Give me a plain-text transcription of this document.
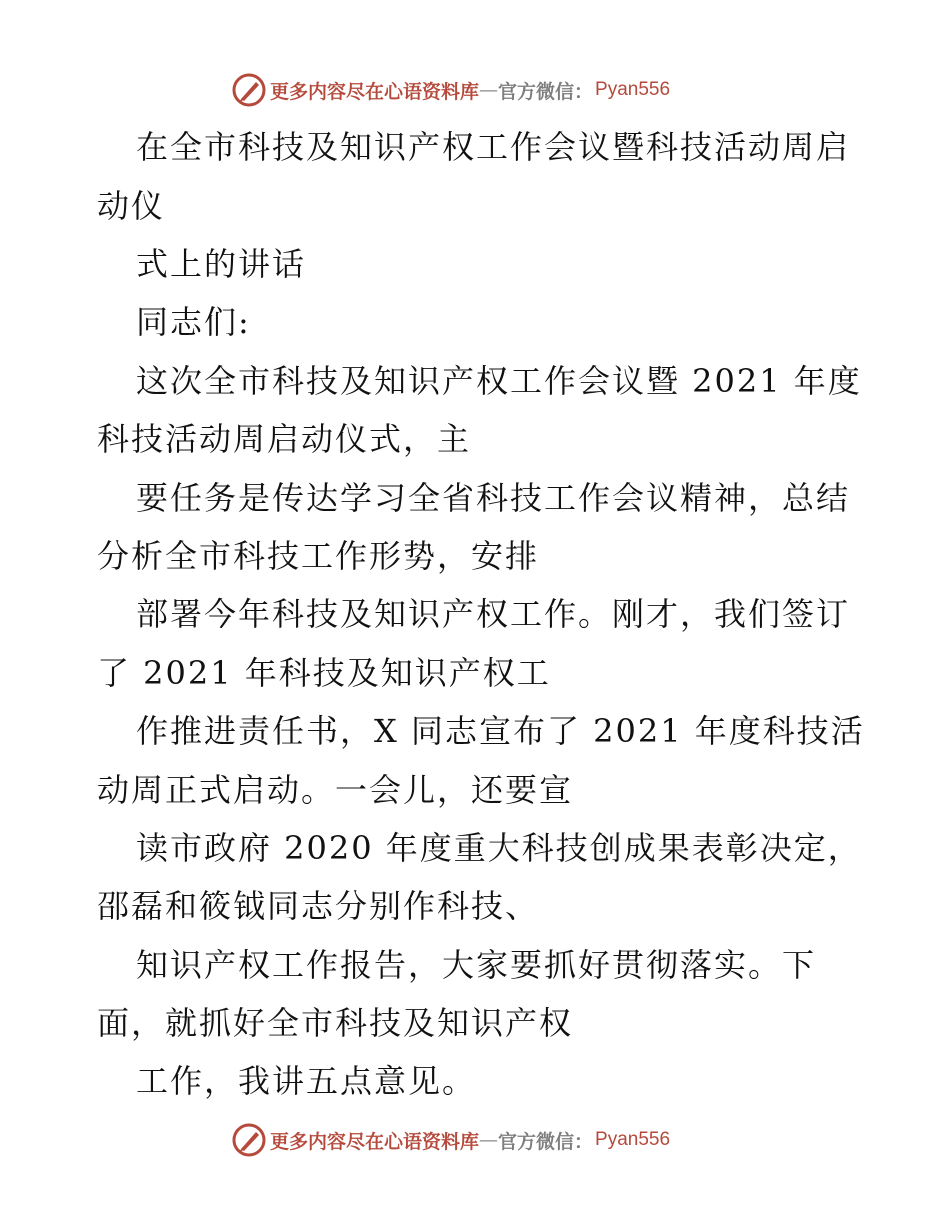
更多内容尽在心语资料库 — 官方微信： Pyan556
在全市科技及知识产权工作会议暨科技活动周启
动仪
式上的讲话
同志们:
这次全市科技及知识产权工作会议暨 2021 年度
科技活动周启动仪式，主
要任务是传达学习全省科技工作会议精神，总结
分析全市科技工作形势，安排
部署今年科技及知识产权工作。刚才，我们签订
了 2021 年科技及知识产权工
作推进责任书，X 同志宣布了 2021 年度科技活
动周正式启动。一会儿，还要宣
读市政府 2020 年度重大科技创成果表彰决定，
邵磊和筱钺同志分别作科技、
知识产权工作报告，大家要抓好贯彻落实。下
面，就抓好全市科技及知识产权
工作，我讲五点意见。
更多内容尽在心语资料库 — 官方微信： Pyan556
